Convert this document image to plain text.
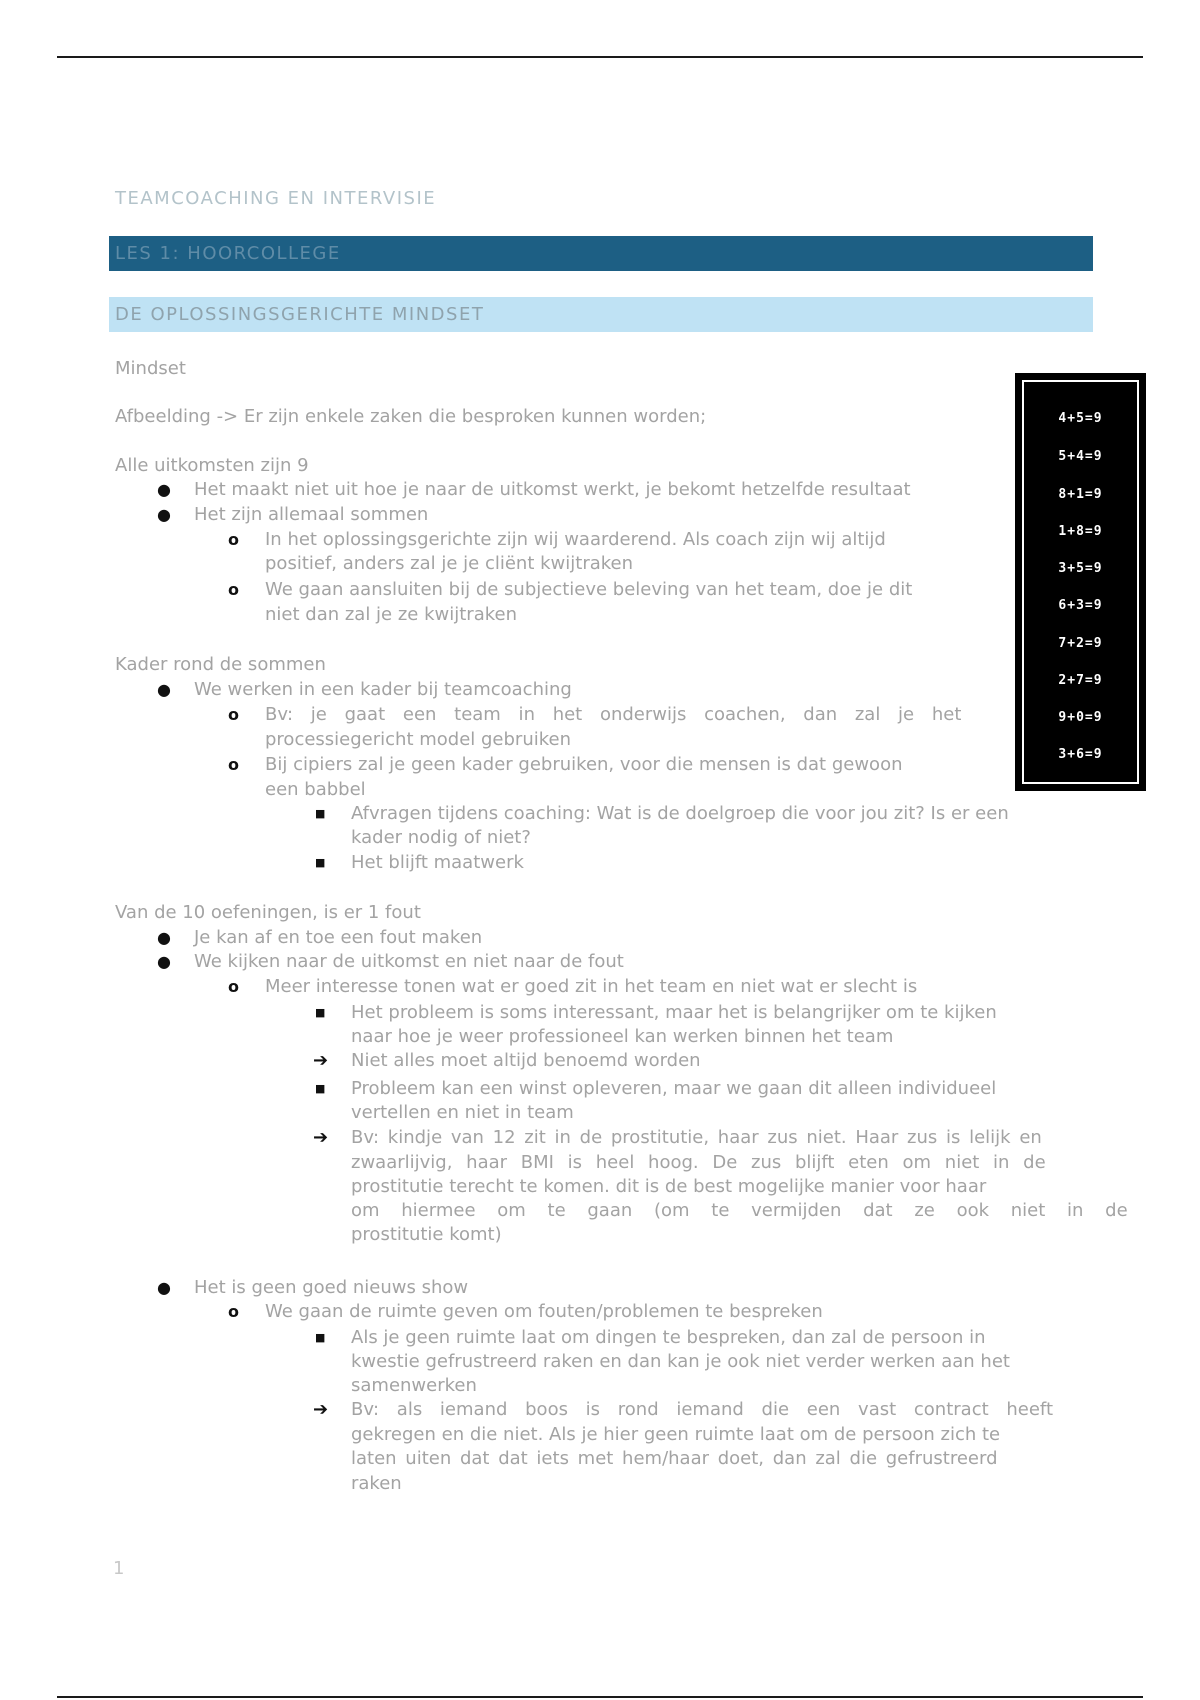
TEAMCOACHING EN INTERVISIE
LES 1: HOORCOLLEGE
DE OPLOSSINGSGERICHTE MINDSET
4+5=9
5+4=9
8+1=9
1+8=9
3+5=9
6+3=9
7+2=9
2+7=9
9+0=9
3+6=9
Mindset
Afbeelding -> Er zijn enkele zaken die besproken kunnen worden;
Alle uitkomsten zijn 9
● Het maakt niet uit hoe je naar de uitkomst werkt, je bekomt hetzelfde resultaat
● Het zijn allemaal sommen
o In het oplossingsgerichte zijn wij waarderend. Als coach zijn wij altijd
positief, anders zal je je cliënt kwijtraken
o We gaan aansluiten bij de subjectieve beleving van het team, doe je dit
niet dan zal je ze kwijtraken
Kader rond de sommen
● We werken in een kader bij teamcoaching
o Bv: je gaat een team in het onderwijs coachen, dan zal je het
processiegericht model gebruiken
o Bij cipiers zal je geen kader gebruiken, voor die mensen is dat gewoon
een babbel
■ Afvragen tijdens coaching: Wat is de doelgroep die voor jou zit? Is er een
kader nodig of niet?
■ Het blijft maatwerk
Van de 10 oefeningen, is er 1 fout
● Je kan af en toe een fout maken
● We kijken naar de uitkomst en niet naar de fout
o Meer interesse tonen wat er goed zit in het team en niet wat er slecht is
■ Het probleem is soms interessant, maar het is belangrijker om te kijken
naar hoe je weer professioneel kan werken binnen het team
➔ Niet alles moet altijd benoemd worden
■ Probleem kan een winst opleveren, maar we gaan dit alleen individueel
vertellen en niet in team
➔ Bv: kindje van 12 zit in de prostitutie, haar zus niet. Haar zus is lelijk en
zwaarlijvig, haar BMI is heel hoog. De zus blijft eten om niet in de
prostitutie terecht te komen. dit is de best mogelijke manier voor haar
om hiermee om te gaan (om te vermijden dat ze ook niet in de
prostitutie komt)
● Het is geen goed nieuws show
o We gaan de ruimte geven om fouten/problemen te bespreken
■ Als je geen ruimte laat om dingen te bespreken, dan zal de persoon in
kwestie gefrustreerd raken en dan kan je ook niet verder werken aan het
samenwerken
➔ Bv: als iemand boos is rond iemand die een vast contract heeft
gekregen en die niet. Als je hier geen ruimte laat om de persoon zich te
laten uiten dat dat iets met hem/haar doet, dan zal die gefrustreerd
raken
1
